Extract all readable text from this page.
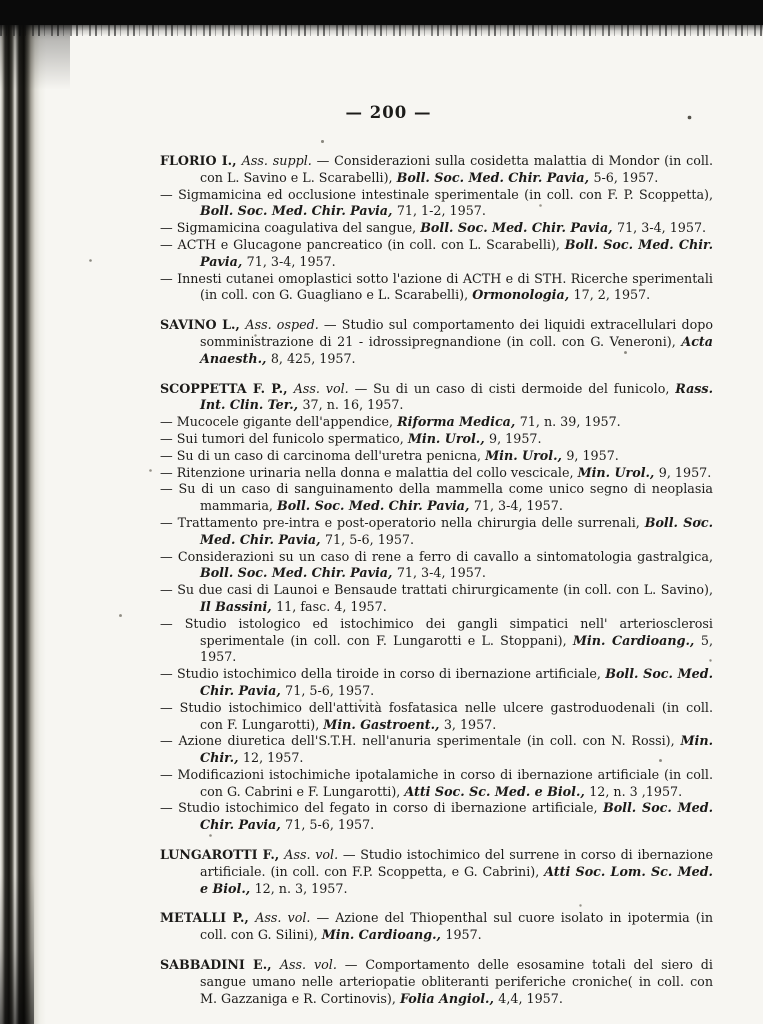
— 200 —

FLORIO I., Ass. suppl. — Considerazioni sulla cosidetta malattia di Mondor (in coll. con L. Savino e L. Scarabelli), Boll. Soc. Med. Chir. Pavia, 5-6, 1957.

— Sigmamicina ed occlusione intestinale sperimentale (in coll. con F. P. Scoppetta), Boll. Soc. Med. Chir. Pavia, 71, 1-2, 1957.

— Sigmamicina coagulativa del sangue, Boll. Soc. Med. Chir. Pavia, 71, 3-4, 1957.

— ACTH e Glucagone pancreatico (in coll. con L. Scarabelli), Boll. Soc. Med. Chir. Pavia, 71, 3-4, 1957.

— Innesti cutanei omoplastici sotto l'azione di ACTH e di STH. Ricerche sperimentali (in coll. con G. Guagliano e L. Scarabelli), Ormonologia, 17, 2, 1957.

SAVINO L., Ass. osped. — Studio sul comportamento dei liquidi extracellulari dopo somministrazione di 21 - idrossipregnandione (in coll. con G. Veneroni), Acta Anaesth., 8, 425, 1957.

SCOPPETTA F. P., Ass. vol. — Su di un caso di cisti dermoide del funicolo, Rass. Int. Clin. Ter., 37, n. 16, 1957.

— Mucocele gigante dell'appendice, Riforma Medica, 71, n. 39, 1957.

— Sui tumori del funicolo spermatico, Min. Urol., 9, 1957.

— Su di un caso di carcinoma dell'uretra penicna, Min. Urol., 9, 1957.

— Ritenzione urinaria nella donna e malattia del collo vescicale, Min. Urol., 9, 1957.

— Su di un caso di sanguinamento della mammella come unico segno di neoplasia mammaria, Boll. Soc. Med. Chir. Pavia, 71, 3-4, 1957.

— Trattamento pre-intra e post-operatorio nella chirurgia delle surrenali, Boll. Soc. Med. Chir. Pavia, 71, 5-6, 1957.

— Considerazioni su un caso di rene a ferro di cavallo a sintomatologia gastralgica, Boll. Soc. Med. Chir. Pavia, 71, 3-4, 1957.

— Su due casi di Launoi e Bensaude trattati chirurgicamente (in coll. con L. Savino), Il Bassini, 11, fasc. 4, 1957.

— Studio istologico ed istochimico dei gangli simpatici nell' arteriosclerosi sperimentale (in coll. con F. Lungarotti e L. Stoppani), Min. Cardioang., 5, 1957.

— Studio istochimico della tiroide in corso di ibernazione artificiale, Boll. Soc. Med. Chir. Pavia, 71, 5-6, 1957.

— Studio istochimico dell'attività fosfatasica nelle ulcere gastroduodenali (in coll. con F. Lungarotti), Min. Gastroent., 3, 1957.

— Azione diuretica dell'S.T.H. nell'anuria sperimentale (in coll. con N. Rossi), Min. Chir., 12, 1957.

— Modificazioni istochimiche ipotalamiche in corso di ibernazione artificiale (in coll. con G. Cabrini e F. Lungarotti), Atti Soc. Sc. Med. e Biol., 12, n. 3 ,1957.

— Studio istochimico del fegato in corso di ibernazione artificiale, Boll. Soc. Med. Chir. Pavia, 71, 5-6, 1957.

LUNGAROTTI F., Ass. vol. — Studio istochimico del surrene in corso di ibernazione artificiale. (in coll. con F.P. Scoppetta, e G. Cabrini), Atti Soc. Lom. Sc. Med. e Biol., 12, n. 3, 1957.

METALLI P., Ass. vol. — Azione del Thiopenthal sul cuore isolato in ipotermia (in coll. con G. Silini), Min. Cardioang., 1957.

SABBADINI E., Ass. vol. — Comportamento delle esosamine totali del siero di sangue umano nelle arteriopatie obliteranti periferiche croniche( in coll. con M. Gazzaniga e R. Cortinovis), Folia Angiol., 4,4, 1957.
